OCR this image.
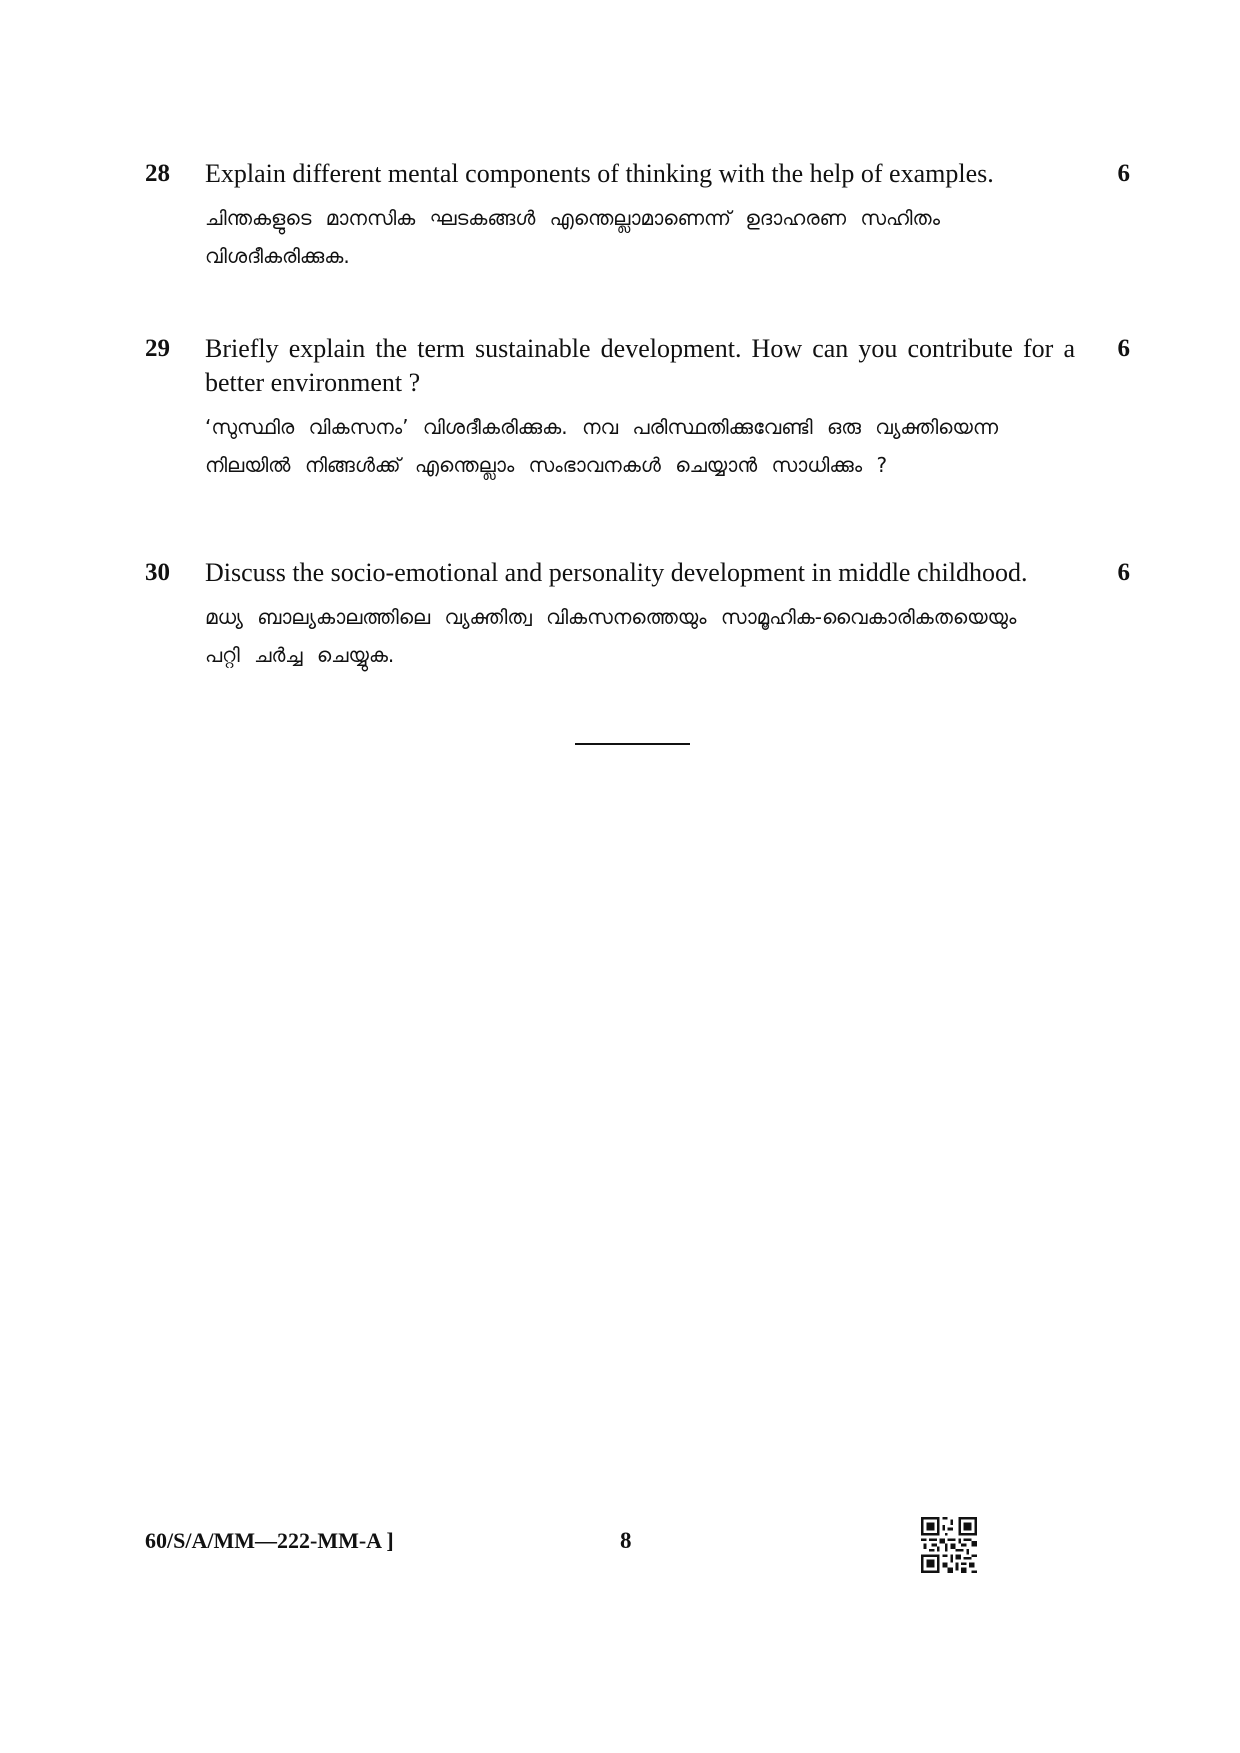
28	6
Explain different mental components of thinking with the help of examples.
ചിന്തകളുടെ മാനസിക ഘടകങ്ങൾ എന്തെല്ലാമാണെന്ന് ഉദാഹരണ സഹിതം വിശദീകരിക്കുക.
29	6
Briefly explain the term sustainable development. How can you contribute for a better environment ?
‘സുസ്ഥിര വികസനം’ വിശദീകരിക്കുക. നവ പരിസ്ഥതിക്കുവേണ്ടി ഒരു വ്യക്തിയെന്ന നിലയിൽ നിങ്ങൾക്ക് എന്തെല്ലാം സംഭാവനകൾ ചെയ്യാൻ സാധിക്കും ?
30	6
Discuss the socio-emotional and personality development in middle childhood.
മധ്യ ബാല്യകാലത്തിലെ വ്യക്തിത്വ വികസനത്തെയും സാമൂഹിക-വൈകാരികതയെയും പറ്റി ചർച്ച ചെയ്യുക.
60/S/A/MM—222-MM-A ]	8
